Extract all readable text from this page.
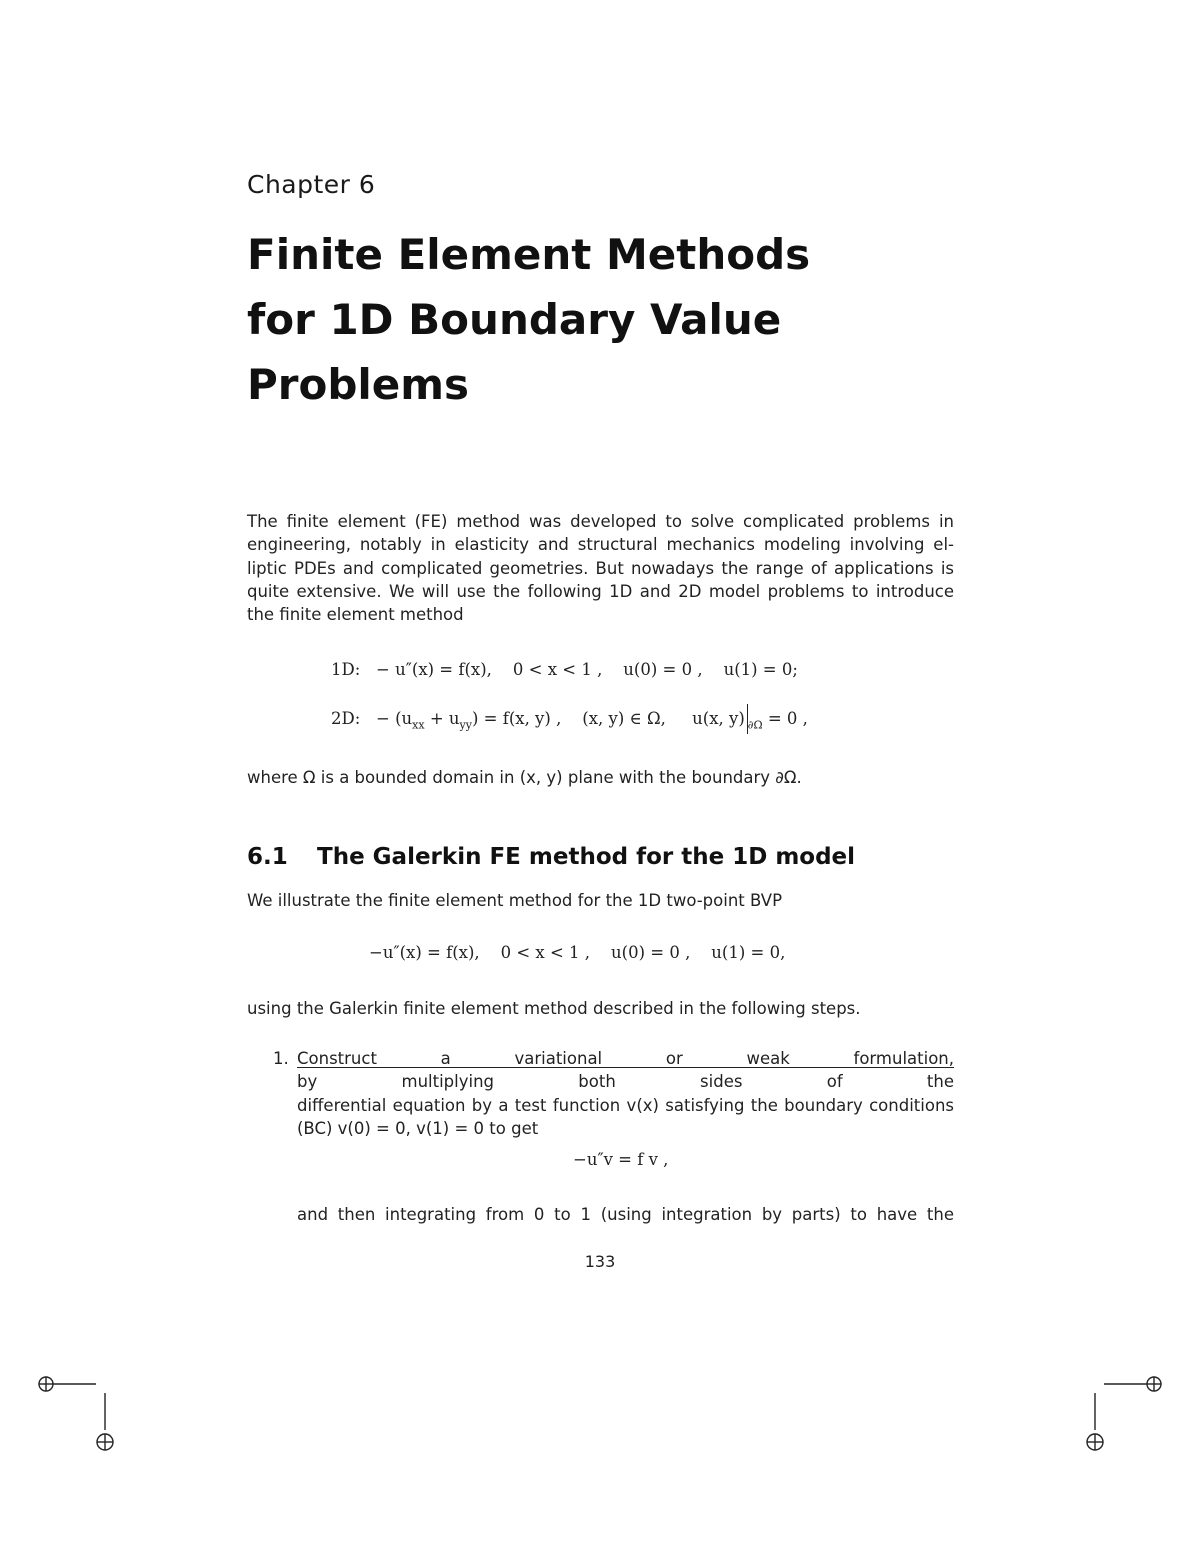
Chapter 6
Finite Element Methods
for 1D Boundary Value
Problems
The finite element (FE) method was developed to solve complicated problems in
engineering, notably in elasticity and structural mechanics modeling involving el-
liptic PDEs and complicated geometries. But nowadays the range of applications is
quite extensive. We will use the following 1D and 2D model problems to introduce
the finite element method
1D:   − u″(x) = f(x),    0 < x < 1 ,    u(0) = 0 ,    u(1) = 0;
2D:   − $(u_{xx} + u_{yy}) = f(x$, y) ,    (x, y) ∈ Ω,     u(x, y) $_{\partial\Omega}$ = 0 ,
where Ω is a bounded domain in (x, y) plane with the boundary ∂Ω.
6.1 The Galerkin FE method for the 1D model
We illustrate the finite element method for the 1D two-point BVP
−u″(x) = f(x),    0 < x < 1 ,    u(0) = 0 ,    u(1) = 0,
using the Galerkin finite element method described in the following steps.
1. Construct a variational or weak formulation,
by multiplying both sides of the
differential equation by a test function v(x) satisfying the boundary conditions
(BC) v(0) = 0, v(1) = 0 to get
−u″v = f v ,
and then integrating from 0 to 1 (using integration by parts) to have the
133
